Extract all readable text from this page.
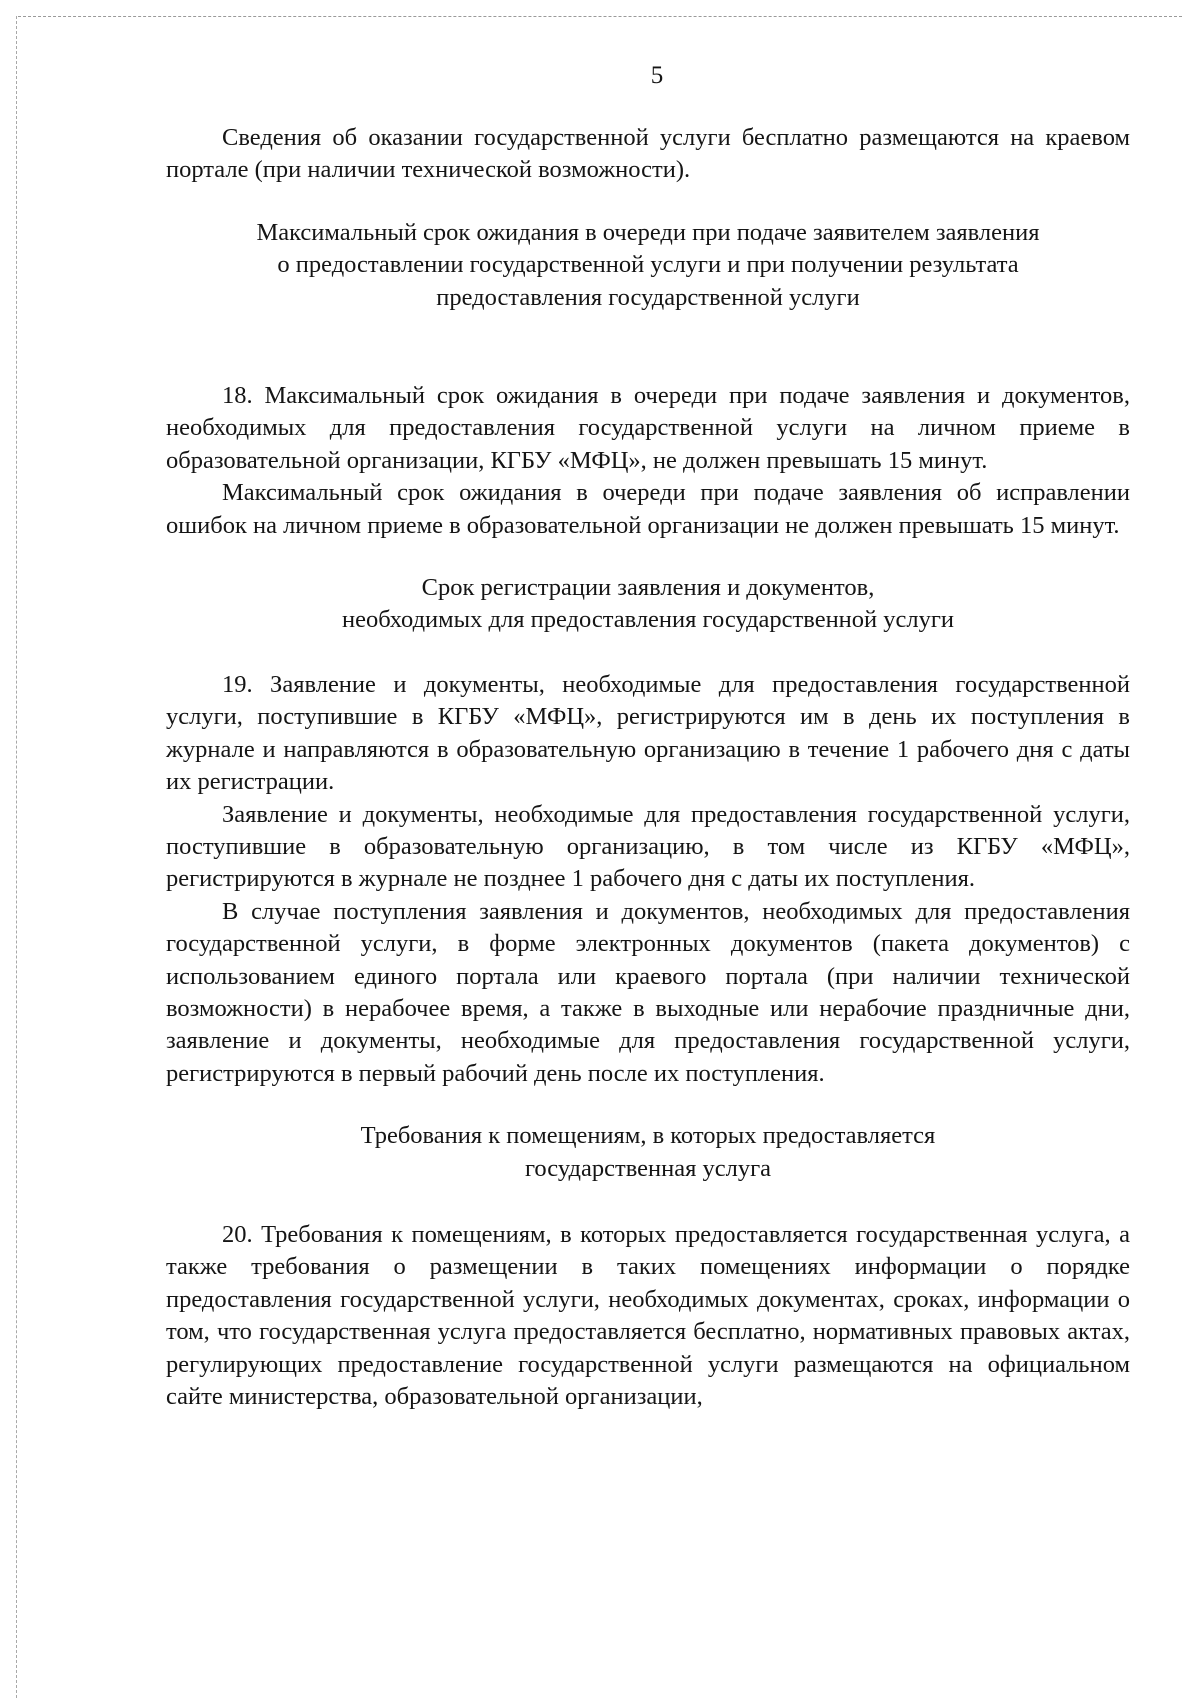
5

Сведения об оказании государственной услуги бесплатно размещаются на краевом портале (при наличии технической возможности).

Максимальный срок ожидания в очереди при подаче заявителем заявления
о предоставлении государственной услуги и при получении результата
предоставления государственной услуги

18. Максимальный срок ожидания в очереди при подаче заявления и документов, необходимых для предоставления государственной услуги на личном приеме в образовательной организации, КГБУ «МФЦ», не должен превышать 15 минут.

Максимальный срок ожидания в очереди при подаче заявления об исправлении ошибок на личном приеме в образовательной организации не должен превышать 15 минут.

Срок регистрации заявления и документов,
необходимых для предоставления государственной услуги

19. Заявление и документы, необходимые для предоставления государственной услуги, поступившие в КГБУ «МФЦ», регистрируются им в день их поступления в журнале и направляются в образовательную организацию в течение 1 рабочего дня с даты их регистрации.

Заявление и документы, необходимые для предоставления государственной услуги, поступившие в образовательную организацию, в том числе из КГБУ «МФЦ», регистрируются в журнале не позднее 1 рабочего дня с даты их поступления.

В случае поступления заявления и документов, необходимых для предоставления государственной услуги, в форме электронных документов (пакета документов) с использованием единого портала или краевого портала (при наличии технической возможности) в нерабочее время, а также в выходные или нерабочие праздничные дни, заявление и документы, необходимые для предоставления государственной услуги, регистрируются в первый рабочий день после их поступления.

Требования к помещениям, в которых предоставляется
государственная услуга

20. Требования к помещениям, в которых предоставляется государственная услуга, а также требования о размещении в таких помещениях информации о порядке предоставления государственной услуги, необходимых документах, сроках, информации о том, что государственная услуга предоставляется бесплатно, нормативных правовых актах, регулирующих предоставление государственной услуги размещаются на официальном сайте министерства, образовательной организации,
